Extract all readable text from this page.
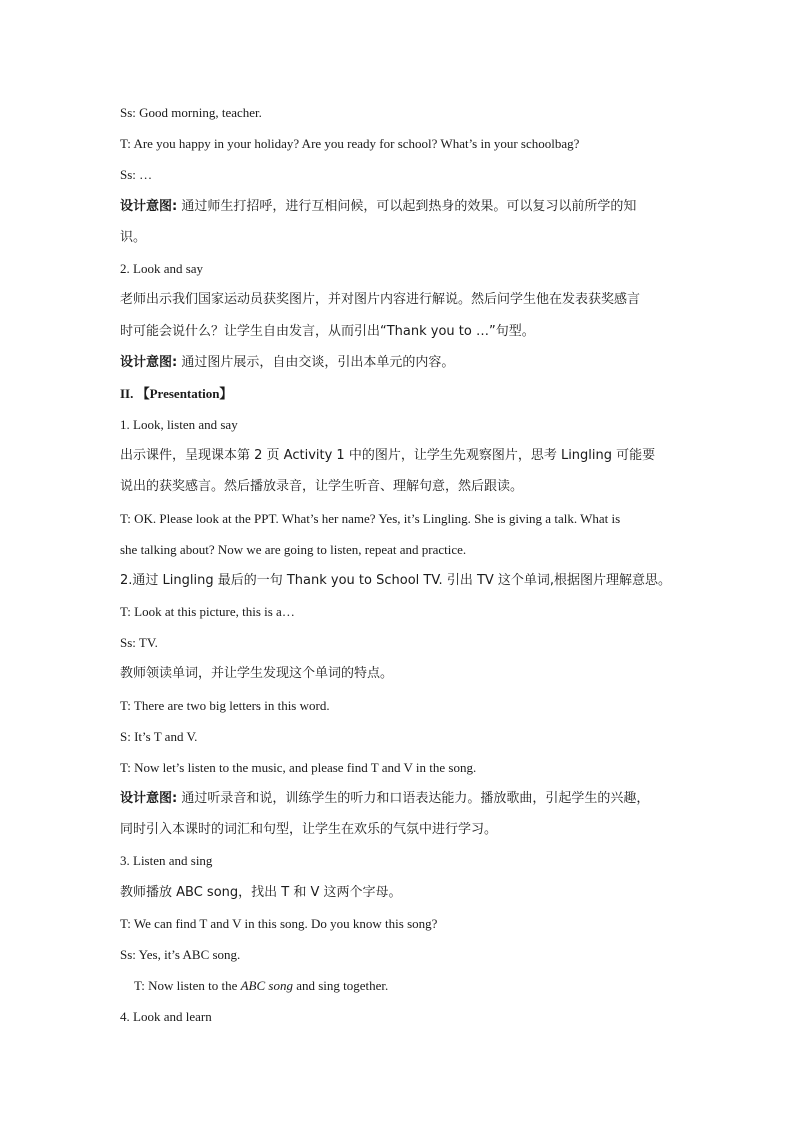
Ss: Good morning, teacher.
T: Are you happy in your holiday? Are you ready for school? What’s in your schoolbag?
Ss: …
设计意图: 通过师生打招呼，进行互相问候，可以起到热身的效果。可以复习以前所学的知
识。
2. Look and say
老师出示我们国家运动员获奖图片，并对图片内容进行解说。然后问学生他在发表获奖感言
时可能会说什么？让学生自由发言，从而引出“Thank you to …”句型。
设计意图: 通过图片展示，自由交谈，引出本单元的内容。
II. 【Presentation】
1. Look, listen and say
出示课件，呈现课本第 2 页 Activity 1 中的图片，让学生先观察图片，思考 Lingling 可能要
说出的获奖感言。然后播放录音，让学生听音、理解句意，然后跟读。
T: OK. Please look at the PPT. What’s her name? Yes, it’s Lingling. She is giving a talk. What is
she talking about? Now we are going to listen, repeat and practice.
2.通过 Lingling 最后的一句 Thank you to School TV. 引出 TV 这个单词,根据图片理解意思。
T: Look at this picture, this is a…
Ss: TV.
教师领读单词，并让学生发现这个单词的特点。
T: There are two big letters in this word.
S: It’s T and V.
T: Now let’s listen to the music, and please find T and V in the song.
设计意图: 通过听录音和说，训练学生的听力和口语表达能力。播放歌曲，引起学生的兴趣，
同时引入本课时的词汇和句型，让学生在欢乐的气氛中进行学习。
3. Listen and sing
教师播放 ABC song，找出 T 和 V 这两个字母。
T: We can find T and V in this song. Do you know this song?
Ss: Yes, it’s ABC song.
T: Now listen to the ABC song and sing together.
4. Look and learn
